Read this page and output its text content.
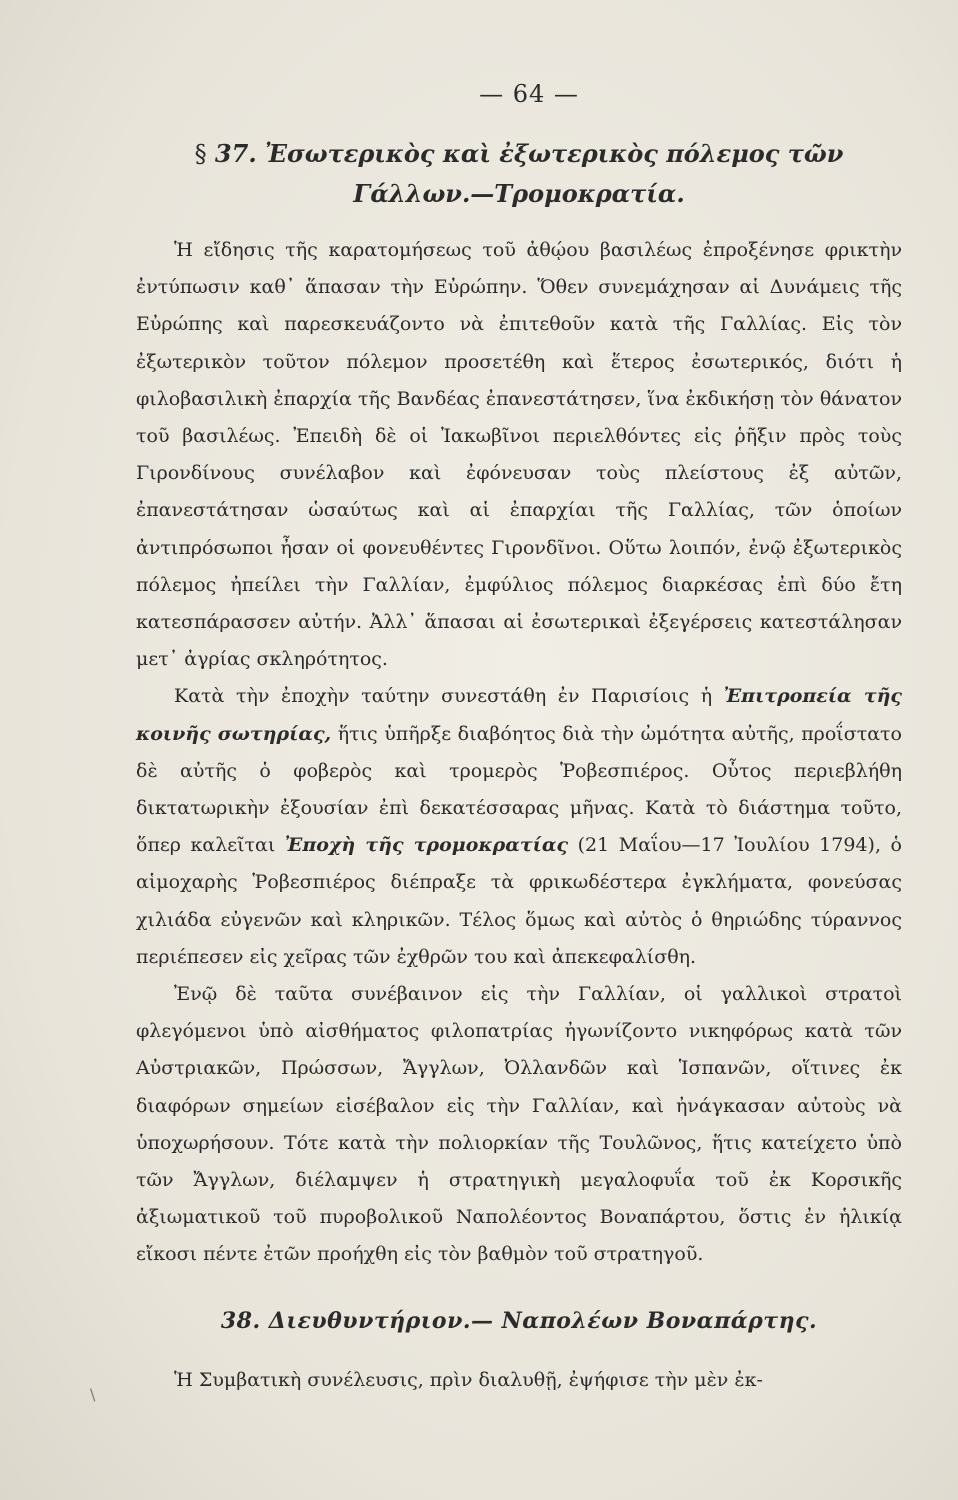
— 64 —
§ 37. Ἐσωτερικὸς καὶ ἐξωτερικὸς πόλεμος τῶν Γάλλων.—Τρομοκρατία.

Ἡ εἴδησις τῆς καρατομήσεως τοῦ ἀθῴου βασιλέως ἐπροξένησε φρικτὴν ἐντύπωσιν καθ᾽ ἅπασαν τὴν Εὐρώπην. Ὅθεν συνεμάχησαν αἱ Δυνάμεις τῆς Εὐρώπης καὶ παρεσκευάζοντο νὰ ἐπιτεθοῦν κατὰ τῆς Γαλλίας. Εἰς τὸν ἐξωτερικὸν τοῦτον πόλεμον προσετέθη καὶ ἕτερος ἐσωτερικός, διότι ἡ φιλοβασιλικὴ ἐπαρχία τῆς Βανδέας ἐπανεστάτησεν, ἵνα ἐκδικήσῃ τὸν θάνατον τοῦ βασιλέως. Ἐπειδὴ δὲ οἱ Ἰακωβῖνοι περιελθόντες εἰς ῥῆξιν πρὸς τοὺς Γιρονδίνους συνέλαβον καὶ ἐφόνευσαν τοὺς πλείστους ἐξ αὐτῶν, ἐπανεστάτησαν ὡσαύτως καὶ αἱ ἐπαρχίαι τῆς Γαλλίας, τῶν ὁποίων ἀντιπρόσωποι ἦσαν οἱ φονευθέντες Γιρονδῖνοι. Οὕτω λοιπόν, ἐνῷ ἐξωτερικὸς πόλεμος ἠπείλει τὴν Γαλλίαν, ἐμφύλιος πόλεμος διαρκέσας ἐπὶ δύο ἔτη κατεσπάρασσεν αὐτήν. Ἀλλ᾽ ἅπασαι αἱ ἐσωτερικαὶ ἐξεγέρσεις κατεστάλησαν μετ᾽ ἀγρίας σκληρότητος.

Κατὰ τὴν ἐποχὴν ταύτην συνεστάθη ἐν Παρισίοις ἡ Ἐπιτροπεία τῆς κοινῆς σωτηρίας, ἥτις ὑπῆρξε διαβόητος διὰ τὴν ὠμότητα αὐτῆς, προΐστατο δὲ αὐτῆς ὁ φοβερὸς καὶ τρομερὸς Ῥοβεσπιέρος. Οὗτος περιεβλήθη δικτατωρικὴν ἐξουσίαν ἐπὶ δεκατέσσαρας μῆνας. Κατὰ τὸ διάστημα τοῦτο, ὅπερ καλεῖται Ἐποχὴ τῆς τρομοκρατίας (21 Μαΐου—17 Ἰουλίου 1794), ὁ αἱμοχαρὴς Ῥοβεσπιέρος διέπραξε τὰ φρικωδέστερα ἐγκλήματα, φονεύσας χιλιάδα εὐγενῶν καὶ κληρικῶν. Τέλος ὅμως καὶ αὐτὸς ὁ θηριώδης τύραννος περιέπεσεν εἰς χεῖρας τῶν ἐχθρῶν του καὶ ἀπεκεφαλίσθη.

Ἐνῷ δὲ ταῦτα συνέβαινον εἰς τὴν Γαλλίαν, οἱ γαλλικοὶ στρατοὶ φλεγόμενοι ὑπὸ αἰσθήματος φιλοπατρίας ἠγωνίζοντο νικηφόρως κατὰ τῶν Αὐστριακῶν, Πρώσσων, Ἄγγλων, Ὀλλανδῶν καὶ Ἱσπανῶν, οἵτινες ἐκ διαφόρων σημείων εἰσέβαλον εἰς τὴν Γαλλίαν, καὶ ἠνάγκασαν αὐτοὺς νὰ ὑποχωρήσουν. Τότε κατὰ τὴν πολιορκίαν τῆς Τουλῶνος, ἥτις κατείχετο ὑπὸ τῶν Ἄγγλων, διέλαμψεν ἡ στρατηγικὴ μεγαλοφυΐα τοῦ ἐκ Κορσικῆς ἀξιωματικοῦ τοῦ πυροβολικοῦ Ναπολέοντος Βοναπάρτου, ὅστις ἐν ἡλικίᾳ εἴκοσι πέντε ἐτῶν προήχθη εἰς τὸν βαθμὸν τοῦ στρατηγοῦ.

38. Διευθυντήριον.— Ναπολέων Βοναπάρτης.

Ἡ Συμβατικὴ συνέλευσις, πρὶν διαλυθῇ, ἐψήφισε τὴν μὲν ἐκ-

\
